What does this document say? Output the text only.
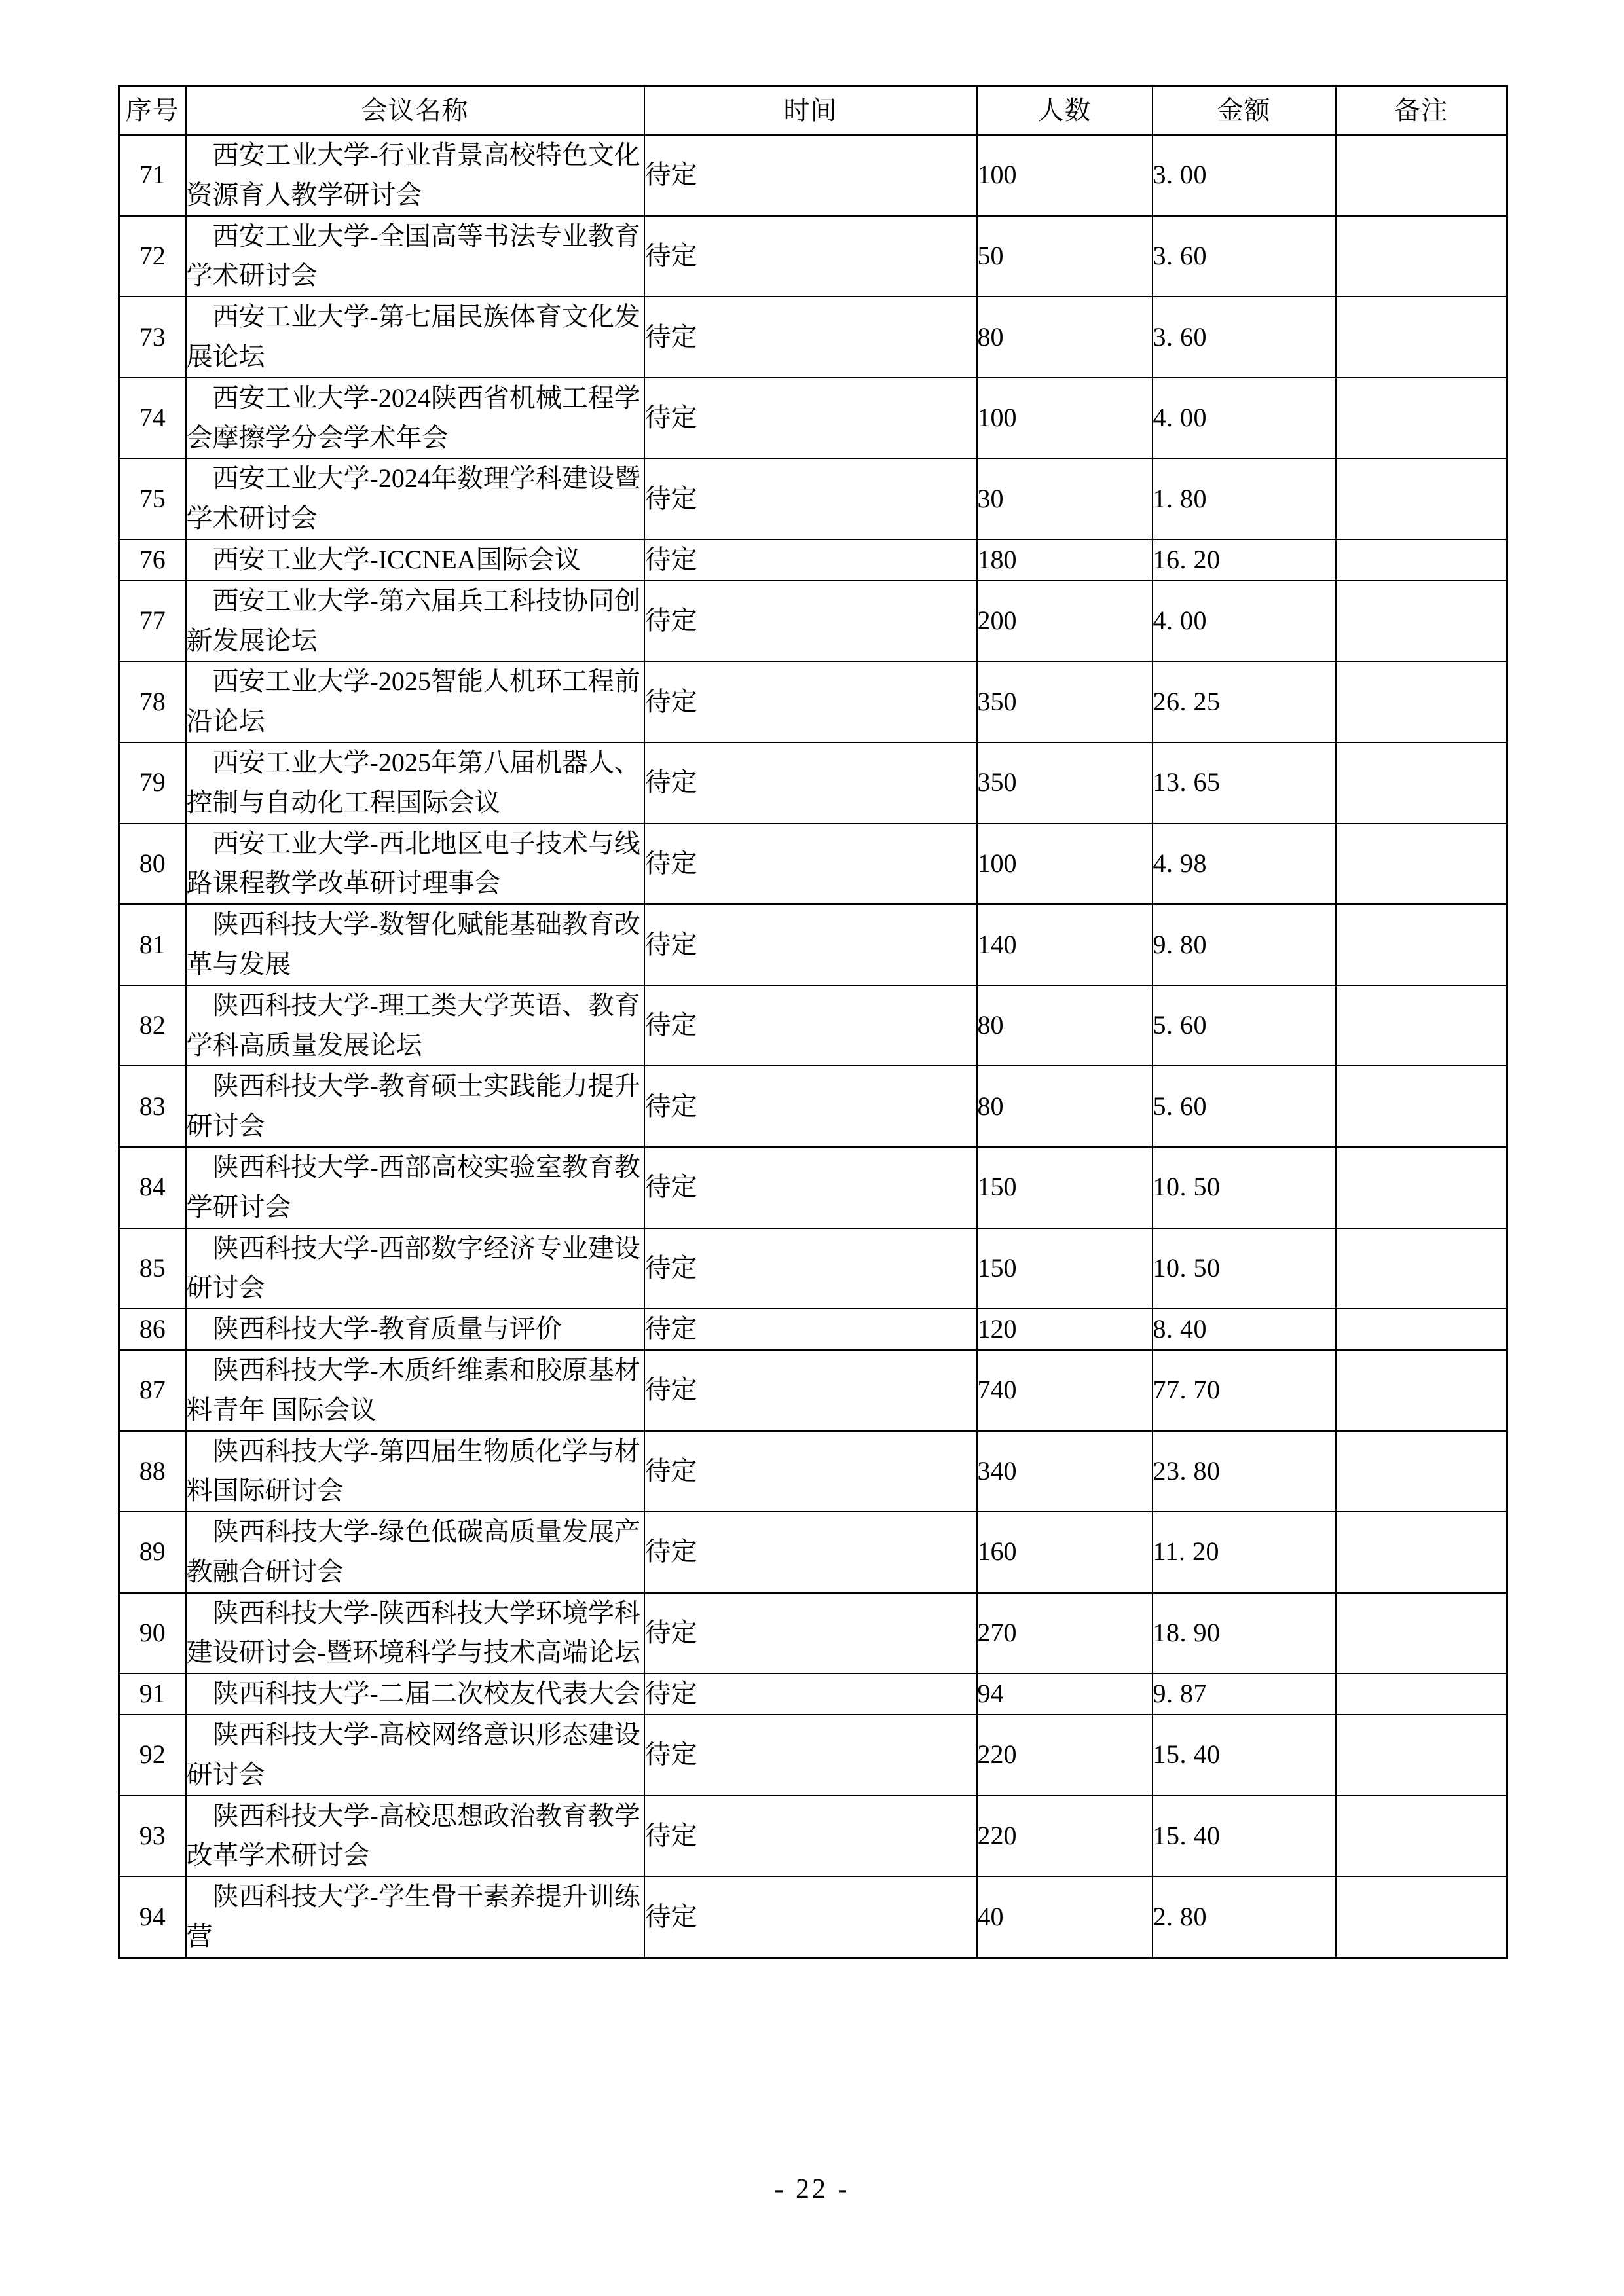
序号	会议名称	时间	人数	金额	备注
71	西安工业大学-行业背景高校特色文化资源育人教学研讨会	待定	100	3. 00	
72	西安工业大学-全国高等书法专业教育学术研讨会	待定	50	3. 60	
73	西安工业大学-第七届民族体育文化发展论坛	待定	80	3. 60	
74	西安工业大学-2024陕西省机械工程学会摩擦学分会学术年会	待定	100	4. 00	
75	西安工业大学-2024年数理学科建设暨学术研讨会	待定	30	1. 80	
76	西安工业大学-ICCNEA国际会议	待定	180	16. 20	
77	西安工业大学-第六届兵工科技协同创新发展论坛	待定	200	4. 00	
78	西安工业大学-2025智能人机环工程前沿论坛	待定	350	26. 25	
79	西安工业大学-2025年第八届机器人、控制与自动化工程国际会议	待定	350	13. 65	
80	西安工业大学-西北地区电子技术与线路课程教学改革研讨理事会	待定	100	4. 98	
81	陕西科技大学-数智化赋能基础教育改革与发展	待定	140	9. 80	
82	陕西科技大学-理工类大学英语、教育学科高质量发展论坛	待定	80	5. 60	
83	陕西科技大学-教育硕士实践能力提升研讨会	待定	80	5. 60	
84	陕西科技大学-西部高校实验室教育教学研讨会	待定	150	10. 50	
85	陕西科技大学-西部数字经济专业建设研讨会	待定	150	10. 50	
86	陕西科技大学-教育质量与评价	待定	120	8. 40	
87	陕西科技大学-木质纤维素和胶原基材料青年 国际会议	待定	740	77. 70	
88	陕西科技大学-第四届生物质化学与材料国际研讨会	待定	340	23. 80	
89	陕西科技大学-绿色低碳高质量发展产教融合研讨会	待定	160	11. 20	
90	陕西科技大学-陕西科技大学环境学科建设研讨会-暨环境科学与技术高端论坛	待定	270	18. 90	
91	陕西科技大学-二届二次校友代表大会	待定	94	9. 87	
92	陕西科技大学-高校网络意识形态建设研讨会	待定	220	15. 40	
93	陕西科技大学-高校思想政治教育教学改革学术研讨会	待定	220	15. 40	
94	陕西科技大学-学生骨干素养提升训练营	待定	40	2. 80	
- 22 -
